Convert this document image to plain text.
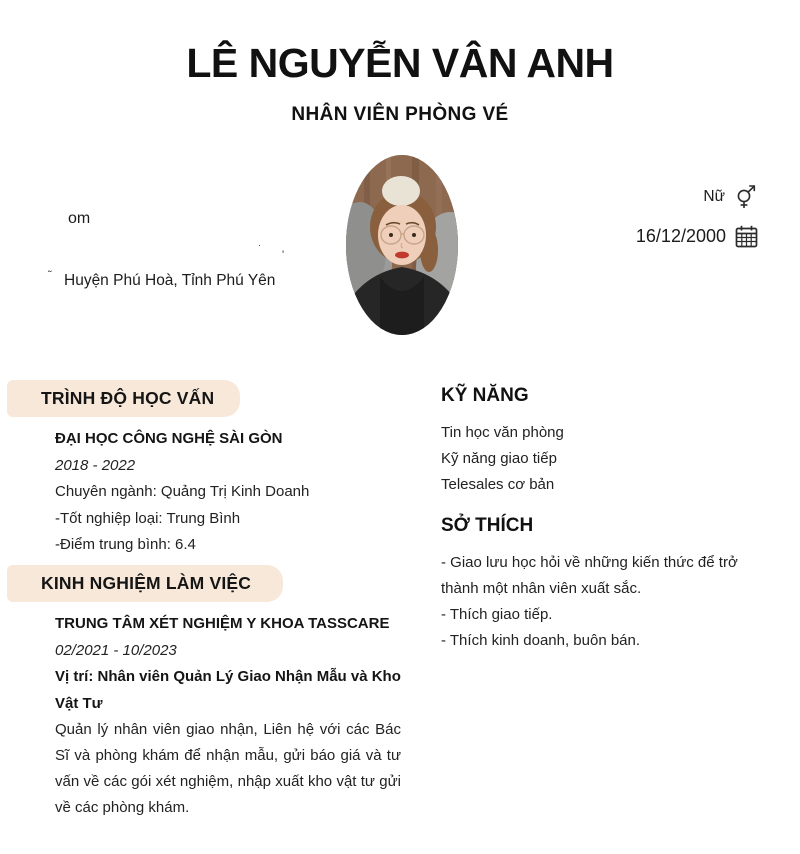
LÊ NGUYỄN VÂN ANH
NHÂN VIÊN PHÒNG VÉ
om
˷
·
'
Huyện Phú Hoà, Tỉnh Phú Yên
Nữ
16/12/2000
TRÌNH ĐỘ HỌC VẤN
ĐẠI HỌC CÔNG NGHỆ SÀI GÒN
2018 - 2022
Chuyên ngành: Quảng Trị Kinh Doanh
-Tốt nghiệp loại: Trung Bình
-Điểm trung bình: 6.4
KINH NGHIỆM LÀM VIỆC
TRUNG TÂM XÉT NGHIỆM Y KHOA TASSCARE
02/2021 - 10/2023
Vị trí: Nhân viên Quản Lý Giao Nhận Mẫu và Kho Vật Tư
Quản lý nhân viên giao nhận, Liên hệ với các Bác Sĩ và phòng khám để nhận mẫu, gửi báo giá và tư vấn về các gói xét nghiệm, nhập xuất kho vật tư gửi về các phòng khám.
KỸ NĂNG
Tin học văn phòng
Kỹ năng giao tiếp
Telesales cơ bản
SỞ THÍCH
- Giao lưu học hỏi về những kiến thức để trở thành một nhân viên xuất sắc.
- Thích giao tiếp.
- Thích kinh doanh, buôn bán.
